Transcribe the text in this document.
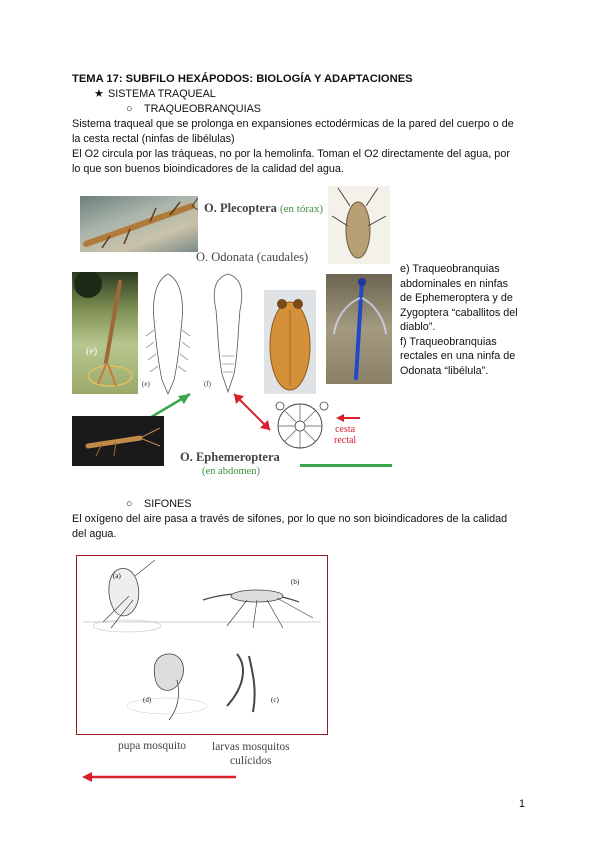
TEMA 17: SUBFILO HEXÁPODOS: BIOLOGÍA Y ADAPTACIONES
★ SISTEMA TRAQUEAL
○ TRAQUEOBRANQUIAS
Sistema traqueal que se prolonga en expansiones ectodérmicas de la pared del cuerpo o de
la cesta rectal (ninfas de libélulas)
El O2 circula por las tráqueas, no por la hemolinfa. Toman el O2 directamente del agua, por
lo que son buenos bioindicadores de la calidad del agua.
O. Plecoptera (en tórax)
O. Odonata (caudales)
(e)
(e)	(f)
cesta
rectal
O. Ephemeroptera
(en abdomen)
e) Traqueobranquias
abdominales en ninfas
de Ephemeroptera y de
Zygoptera “caballitos del
diablo”.
f) Traqueobranquias
rectales en una ninfa de
Odonata “libélula”.
○ SIFONES
El oxígeno del aire pasa a través de sifones, por lo que no son bioindicadores de la calidad
del agua.
(a)
(b)
(c)
(d)
pupa mosquito larvas mosquitos
culícidos
1
